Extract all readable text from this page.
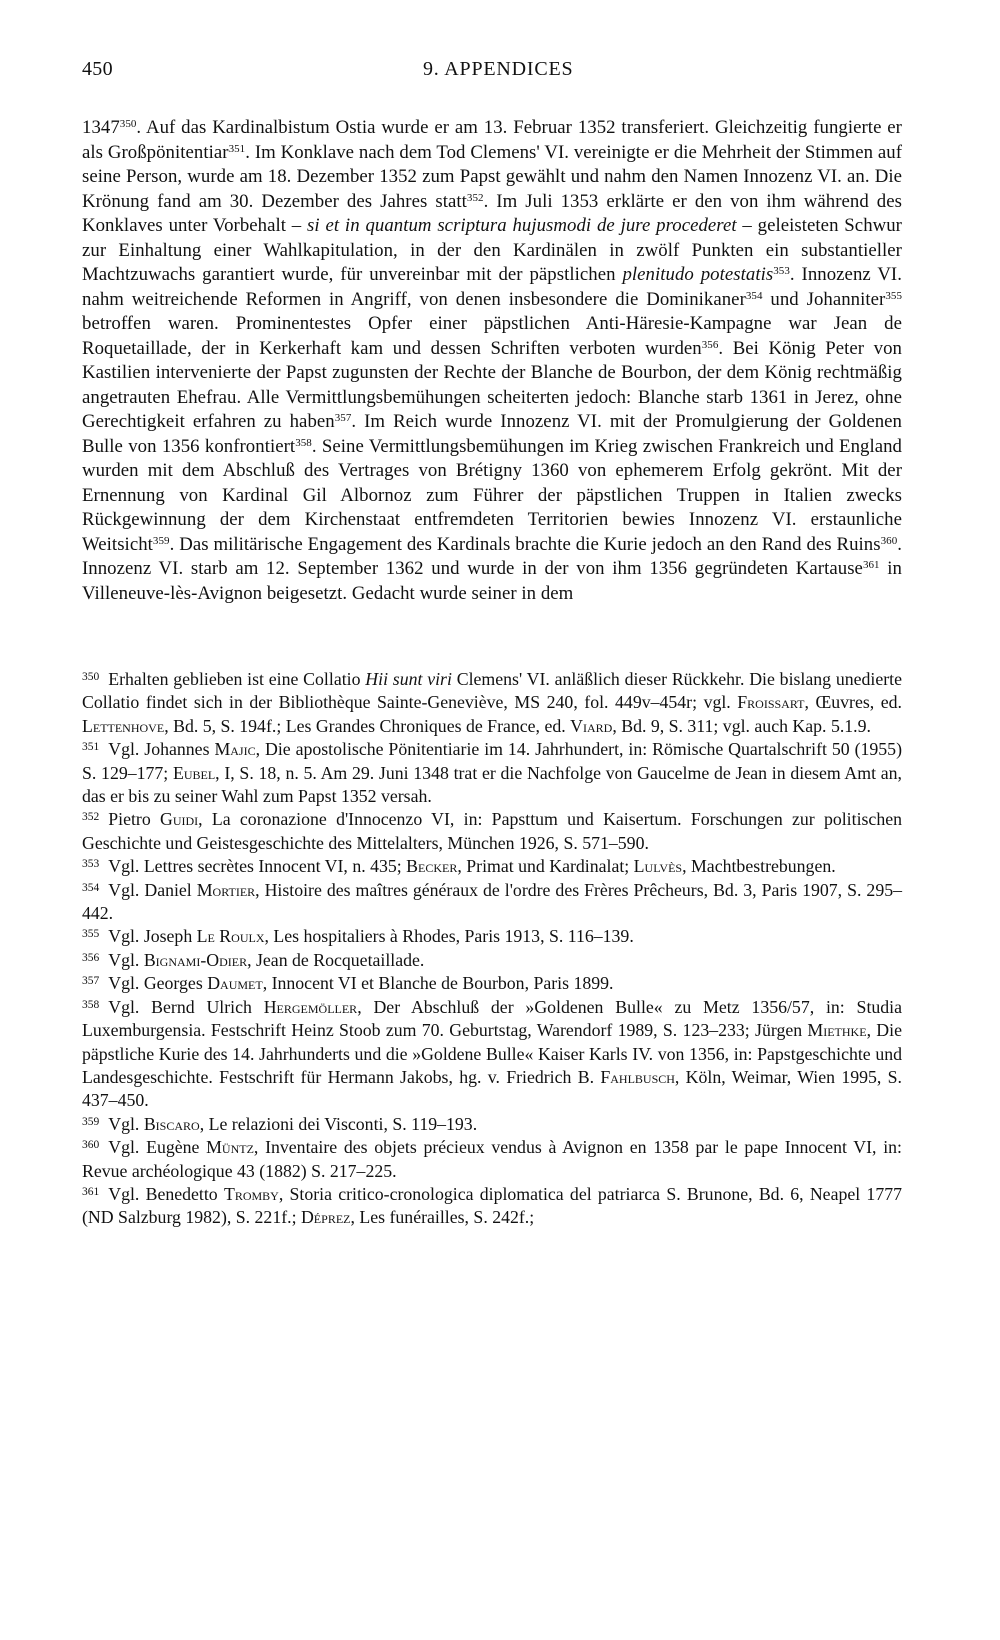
450	9. APPENDICES
1347$^{350}$. Auf das Kardinalbistum Ostia wurde er am 13. Februar 1352 transferiert. Gleichzeitig fungierte er als Großpönitentiar$^{351}$. Im Konklave nach dem Tod Clemens' VI. vereinigte er die Mehrheit der Stimmen auf seine Person, wurde am 18. Dezember 1352 zum Papst gewählt und nahm den Namen Innozenz VI. an. Die Krönung fand am 30. Dezember des Jahres statt$^{352}$. Im Juli 1353 erklärte er den von ihm während des Konklaves unter Vorbehalt – si et in quantum scriptura hujusmodi de jure procederet – geleisteten Schwur zur Einhaltung einer Wahlkapitulation, in der den Kardinälen in zwölf Punkten ein substantieller Machtzuwachs garantiert wurde, für unvereinbar mit der päpstlichen plenitudo potestatis$^{353}$. Innozenz VI. nahm weitreichende Reformen in Angriff, von denen insbesondere die Dominikaner$^{354}$ und Johanniter$^{355}$ betroffen waren. Prominentestes Opfer einer päpstlichen Anti-Häresie-Kampagne war Jean de Roquetaillade, der in Kerkerhaft kam und dessen Schriften verboten wurden$^{356}$. Bei König Peter von Kastilien intervenierte der Papst zugunsten der Rechte der Blanche de Bourbon, der dem König rechtmäßig angetrauten Ehefrau. Alle Vermittlungsbemühungen scheiterten jedoch: Blanche starb 1361 in Jerez, ohne Gerechtigkeit erfahren zu haben$^{357}$. Im Reich wurde Innozenz VI. mit der Promulgierung der Goldenen Bulle von 1356 konfrontiert$^{358}$. Seine Vermittlungsbemühungen im Krieg zwischen Frankreich und England wurden mit dem Abschluß des Vertrages von Brétigny 1360 von ephemerem Erfolg gekrönt. Mit der Ernennung von Kardinal Gil Albornoz zum Führer der päpstlichen Truppen in Italien zwecks Rückgewinnung der dem Kirchenstaat entfremdeten Territorien bewies Innozenz VI. erstaunliche Weitsicht$^{359}$. Das militärische Engagement des Kardinals brachte die Kurie jedoch an den Rand des Ruins$^{360}$. Innozenz VI. starb am 12. September 1362 und wurde in der von ihm 1356 gegründeten Kartause$^{361}$ in Villeneuve-lès-Avignon beigesetzt. Gedacht wurde seiner in dem

$^{350}$ Erhalten geblieben ist eine Collatio Hii sunt viri Clemens' VI. anläßlich dieser Rückkehr. Die bislang unedierte Collatio findet sich in der Bibliothèque Sainte-Geneviève, MS 240, fol. 449v–454r; vgl. Froissart, Œuvres, ed. Lettenhove, Bd. 5, S. 194f.; Les Grandes Chroniques de France, ed. Viard, Bd. 9, S. 311; vgl. auch Kap. 5.1.9.

$^{351}$ Vgl. Johannes Majic, Die apostolische Pönitentiarie im 14. Jahrhundert, in: Römische Quartalschrift 50 (1955) S. 129–177; Eubel, I, S. 18, n. 5. Am 29. Juni 1348 trat er die Nachfolge von Gaucelme de Jean in diesem Amt an, das er bis zu seiner Wahl zum Papst 1352 versah.

$^{352}$ Pietro Guidi, La coronazione d'Innocenzo VI, in: Papsttum und Kaisertum. Forschungen zur politischen Geschichte und Geistesgeschichte des Mittelalters, München 1926, S. 571–590.

$^{353}$ Vgl. Lettres secrètes Innocent VI, n. 435; Becker, Primat und Kardinalat; Lulvès, Machtbestrebungen.

$^{354}$ Vgl. Daniel Mortier, Histoire des maîtres généraux de l'ordre des Frères Prêcheurs, Bd. 3, Paris 1907, S. 295–442.

$^{355}$ Vgl. Joseph Le Roulx, Les hospitaliers à Rhodes, Paris 1913, S. 116–139.

$^{356}$ Vgl. Bignami-Odier, Jean de Rocquetaillade.

$^{357}$ Vgl. Georges Daumet, Innocent VI et Blanche de Bourbon, Paris 1899.

$^{358}$ Vgl. Bernd Ulrich Hergemöller, Der Abschluß der »Goldenen Bulle« zu Metz 1356/57, in: Studia Luxemburgensia. Festschrift Heinz Stoob zum 70. Geburtstag, Warendorf 1989, S. 123–233; Jürgen Miethke, Die päpstliche Kurie des 14. Jahrhunderts und die »Goldene Bulle« Kaiser Karls IV. von 1356, in: Papstgeschichte und Landesgeschichte. Festschrift für Hermann Jakobs, hg. v. Friedrich B. Fahlbusch, Köln, Weimar, Wien 1995, S. 437–450.

$^{359}$ Vgl. Biscaro, Le relazioni dei Visconti, S. 119–193.

$^{360}$ Vgl. Eugène Müntz, Inventaire des objets précieux vendus à Avignon en 1358 par le pape Innocent VI, in: Revue archéologique 43 (1882) S. 217–225.

$^{361}$ Vgl. Benedetto Tromby, Storia critico-cronologica diplomatica del patriarca S. Brunone, Bd. 6, Neapel 1777 (ND Salzburg 1982), S. 221f.; Déprez, Les funérailles, S. 242f.;
